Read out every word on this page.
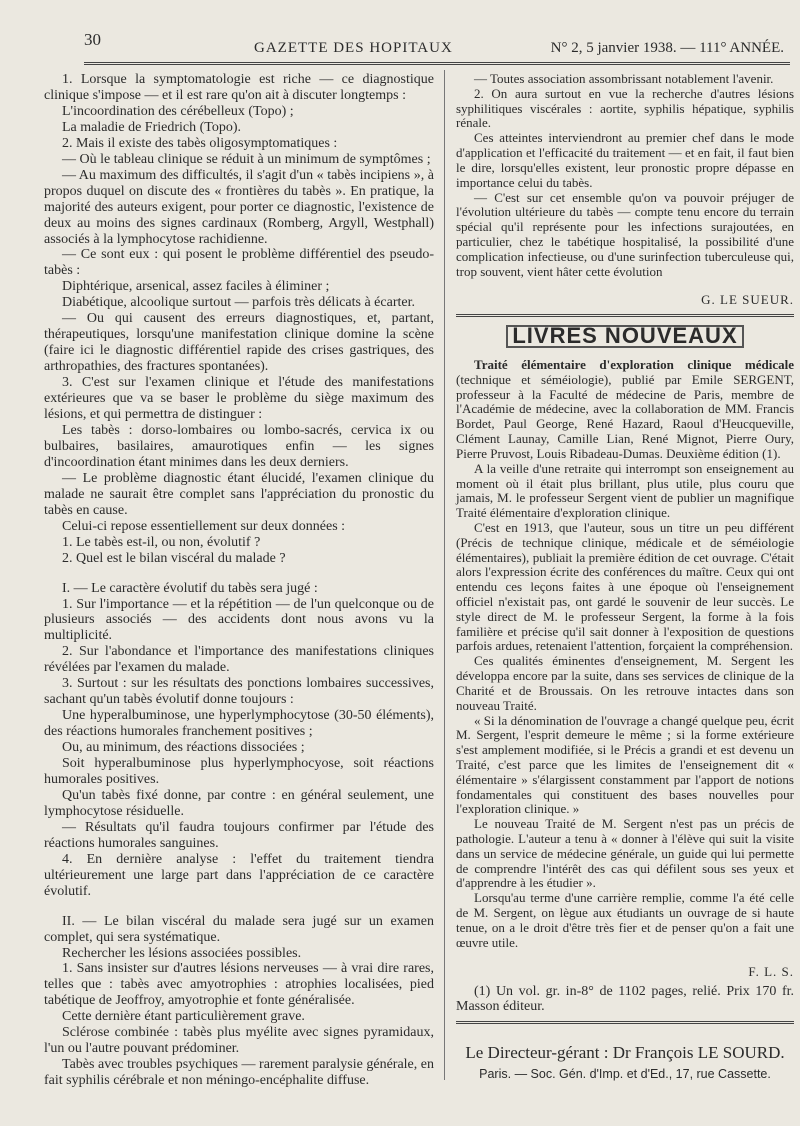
30	GAZETTE DES HOPITAUX	N° 2, 5 janvier 1938. — 111° ANNÉE.

1. Lorsque la symptomatologie est riche — ce diagnostique clinique s'impose — et il est rare qu'on ait à discuter longtemps :

L'incoordination des cérébelleux (Topo) ;

La maladie de Friedrich (Topo).

2. Mais il existe des tabès oligosymptomatiques :

— Où le tableau clinique se réduit à un minimum de symptômes ;

— Au maximum des difficultés, il s'agit d'un « tabès incipiens », à propos duquel on discute des « frontières du tabès ». En pratique, la majorité des auteurs exigent, pour porter ce diagnostic, l'existence de deux au moins des signes cardinaux (Romberg, Argyll, Westphall) associés à la lymphocytose rachidienne.

— Ce sont eux : qui posent le problème différentiel des pseudo-tabès :

Diphtérique, arsenical, assez faciles à éliminer ;

Diabétique, alcoolique surtout — parfois très délicats à écarter.

— Ou qui causent des erreurs diagnostiques, et, partant, thérapeutiques, lorsqu'une manifestation clinique domine la scène (faire ici le diagnostic différentiel rapide des crises gastriques, des arthropathies, des fractures spontanées).

3. C'est sur l'examen clinique et l'étude des manifestations extérieures que va se baser le problème du siège maximum des lésions, et qui permettra de distinguer :

Les tabès : dorso-lombaires ou lombo-sacrés, cervica ix ou bulbaires, basilaires, amaurotiques enfin — les signes d'incoordination étant minimes dans les deux derniers.

— Le problème diagnostic étant élucidé, l'examen clinique du malade ne saurait être complet sans l'appréciation du pronostic du tabès en cause.

Celui-ci repose essentiellement sur deux données :

1. Le tabès est-il, ou non, évolutif ?

2. Quel est le bilan viscéral du malade ?

I. — Le caractère évolutif du tabès sera jugé :

1. Sur l'importance — et la répétition — de l'un quelconque ou de plusieurs associés — des accidents dont nous avons vu la multiplicité.

2. Sur l'abondance et l'importance des manifestations cliniques révélées par l'examen du malade.

3. Surtout : sur les résultats des ponctions lombaires successives, sachant qu'un tabès évolutif donne toujours :

Une hyperalbuminose, une hyperlymphocytose (30-50 éléments), des réactions humorales franchement positives ;

Ou, au minimum, des réactions dissociées ;

Soit hyperalbuminose plus hyperlymphocyose, soit réactions humorales positives.

Qu'un tabès fixé donne, par contre : en général seulement, une lymphocytose résiduelle.

— Résultats qu'il faudra toujours confirmer par l'étude des réactions humorales sanguines.

4. En dernière analyse : l'effet du traitement tiendra ultérieurement une large part dans l'appréciation de ce caractère évolutif.

II. — Le bilan viscéral du malade sera jugé sur un examen complet, qui sera systématique.

Rechercher les lésions associées possibles.

1. Sans insister sur d'autres lésions nerveuses — à vrai dire rares, telles que : tabès avec amyotrophies : atrophies localisées, pied tabétique de Jeoffroy, amyotrophie et fonte généralisée.

Cette dernière étant particulièrement grave.

Sclérose combinée : tabès plus myélite avec signes pyramidaux, l'un ou l'autre pouvant prédominer.

Tabès avec troubles psychiques — rarement paralysie générale, en fait syphilis cérébrale et non méningo-encéphalite diffuse.

— Toutes association assombrissant notablement l'avenir.

2. On aura surtout en vue la recherche d'autres lésions syphilitiques viscérales : aortite, syphilis hépatique, syphilis rénale.

Ces atteintes interviendront au premier chef dans le mode d'application et l'efficacité du traitement — et en fait, il faut bien le dire, lorsqu'elles existent, leur pronostic propre dépasse en importance celui du tabès.

— C'est sur cet ensemble qu'on va pouvoir préjuger de l'évolution ultérieure du tabès — compte tenu encore du terrain spécial qu'il représente pour les infections surajoutées, en particulier, chez le tabétique hospitalisé, la possibilité d'une complication infectieuse, ou d'une surinfection tuberculeuse qui, trop souvent, vient hâter cette évolution

G. LE SUEUR.
LIVRES NOUVEAUX

Traité élémentaire d'exploration clinique médicale (technique et séméiologie), publié par Emile SERGENT, professeur à la Faculté de médecine de Paris, membre de l'Académie de médecine, avec la collaboration de MM. Francis Bordet, Paul George, René Hazard, Raoul d'Heucqueville, Clément Launay, Camille Lian, René Mignot, Pierre Oury, Pierre Pruvost, Louis Ribadeau-Dumas. Deuxième édition (1).

A la veille d'une retraite qui interrompt son enseignement au moment où il était plus brillant, plus utile, plus couru que jamais, M. le professeur Sergent vient de publier un magnifique Traité élémentaire d'exploration clinique.

C'est en 1913, que l'auteur, sous un titre un peu différent (Précis de technique clinique, médicale et de séméiologie élémentaires), publiait la première édition de cet ouvrage. C'était alors l'expression écrite des conférences du maître. Ceux qui ont entendu ces leçons faites à une époque où l'enseignement officiel n'existait pas, ont gardé le souvenir de leur succès. Le style direct de M. le professeur Sergent, la forme à la fois familière et précise qu'il sait donner à l'exposition de questions parfois ardues, retenaient l'attention, forçaient la compréhension.

Ces qualités éminentes d'enseignement, M. Sergent les développa encore par la suite, dans ses services de clinique de la Charité et de Broussais. On les retrouve intactes dans son nouveau Traité.

« Si la dénomination de l'ouvrage a changé quelque peu, écrit M. Sergent, l'esprit demeure le même ; si la forme extérieure s'est amplement modifiée, si le Précis a grandi et est devenu un Traité, c'est parce que les limites de l'enseignement dit « élémentaire » s'élargissent constamment par l'apport de notions fondamentales qui constituent des bases nouvelles pour l'exploration clinique. »

Le nouveau Traité de M. Sergent n'est pas un précis de pathologie. L'auteur a tenu à « donner à l'élève qui suit la visite dans un service de médecine générale, un guide qui lui permette de comprendre l'intérêt des cas qui défilent sous ses yeux et d'apprendre à les étudier ».

Lorsqu'au terme d'une carrière remplie, comme l'a été celle de M. Sergent, on lègue aux étudiants un ouvrage de si haute tenue, on a le droit d'être très fier et de penser qu'on a fait une œuvre utile.

F. L. S.

(1) Un vol. gr. in-8° de 1102 pages, relié. Prix 170 fr. Masson éditeur.

Le Directeur-gérant : Dr François LE SOURD.
Paris. — Soc. Gén. d'Imp. et d'Ed., 17, rue Cassette.
